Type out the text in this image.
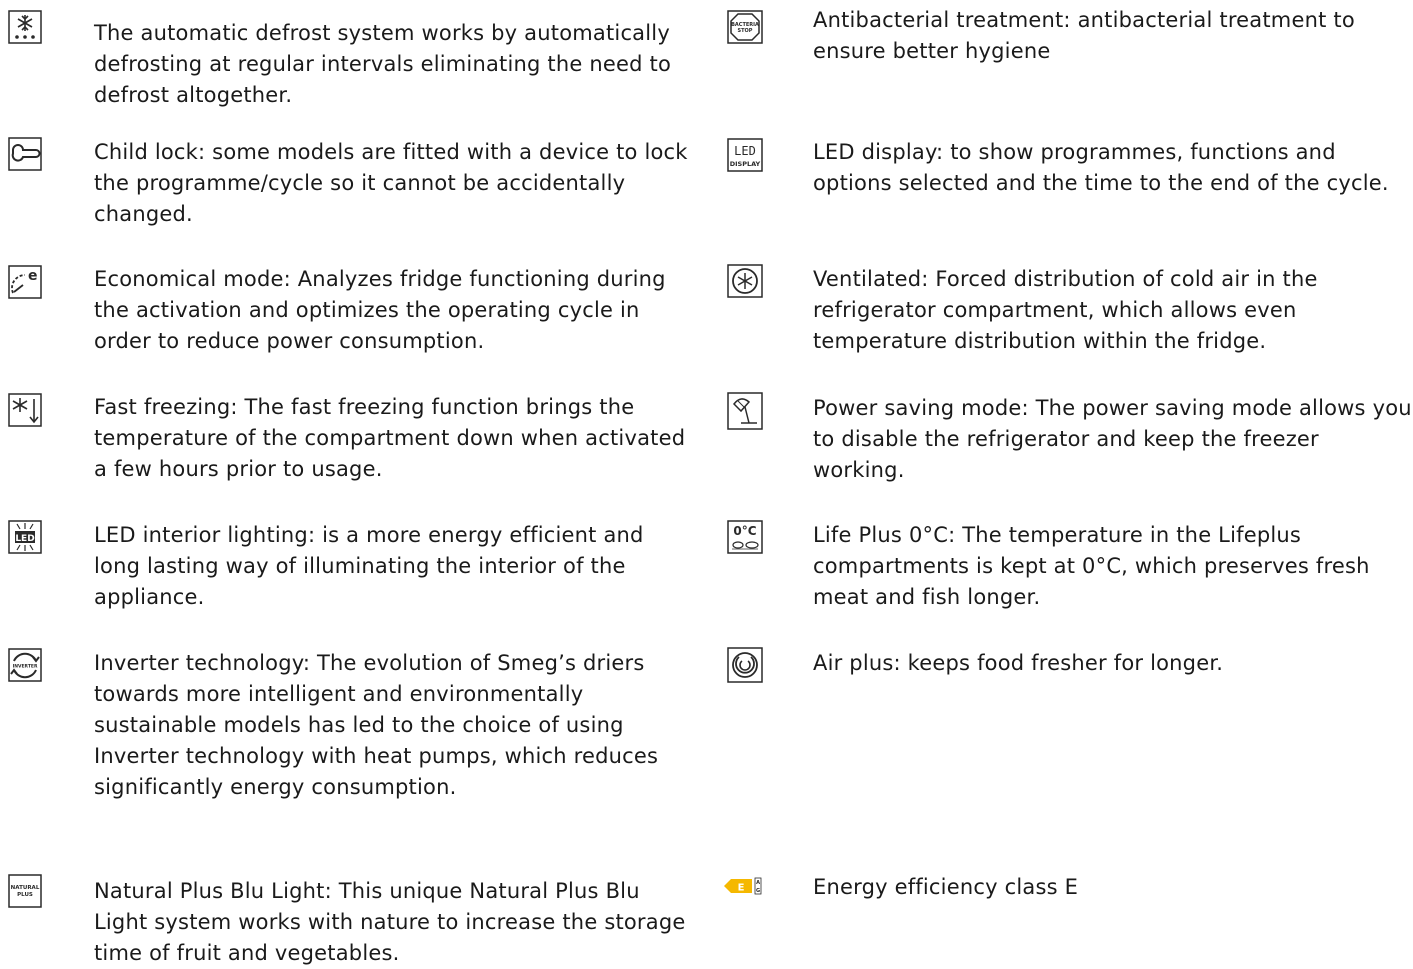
The automatic defrost system works by automatically defrosting at regular intervals eliminating the need to defrost altogether.
Child lock: some models are fitted with a device to lock the programme/cycle so it cannot be accidentally changed.
e	Economical mode: Analyzes fridge functioning during the activation and optimizes the operating cycle in order to reduce power consumption.
Fast freezing: The fast freezing function brings the temperature of the compartment down when activated a few hours prior to usage.
LED	LED interior lighting: is a more energy efficient and long lasting way of illuminating the interior of the appliance.
INVERTER	Inverter technology: The evolution of Smeg’s driers towards more intelligent and environmentally sustainable models has led to the choice of using Inverter technology with heat pumps, which reduces significantly energy consumption.
NATURAL
PLUS	Natural Plus Blu Light: This unique Natural Plus Blu Light system works with nature to increase the storage time of fruit and vegetables.
BACTERIA
STOP	Antibacterial treatment: antibacterial treatment to ensure better hygiene
LED
DISPLAY	LED display: to show programmes, functions and options selected and the time to the end of the cycle.
Ventilated: Forced distribution of cold air in the refrigerator compartment, which allows even temperature distribution within the fridge.
Power saving mode: The power saving mode allows you to disable the refrigerator and keep the freezer working.
0°C	Life Plus 0°C: The temperature in the Lifeplus compartments is kept at 0°C, which preserves fresh meat and fish longer.
Air plus: keeps food fresher for longer.
E A
G	Energy efficiency class E
